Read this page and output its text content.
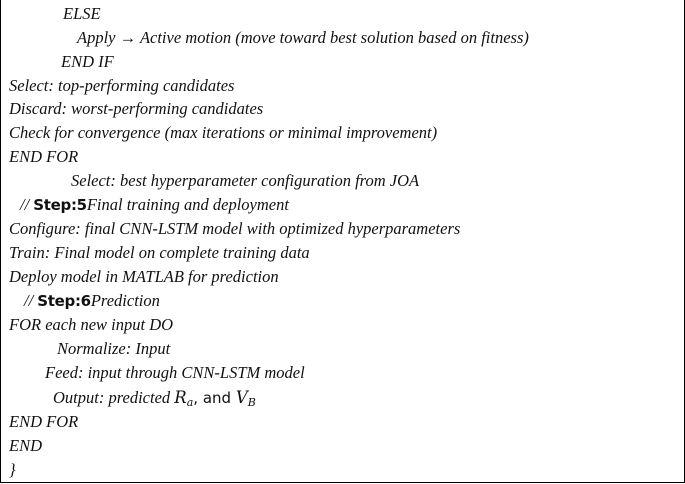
ELSE
Apply → Active motion (move toward best solution based on fitness)
END IF
Select: top-performing candidates
Discard: worst-performing candidates
Check for convergence (max iterations or minimal improvement)
END FOR
Select: best hyperparameter configuration from JOA
// Step:5Final training and deployment
Configure: final CNN-LSTM model with optimized hyperparameters
Train: Final model on complete training data
Deploy model in MATLAB for prediction
// Step:6Prediction
FOR each new input DO
Normalize: Input
Feed: input through CNN-LSTM model
Output: predicted $R_a$, and $V_B$
END FOR
END
}
